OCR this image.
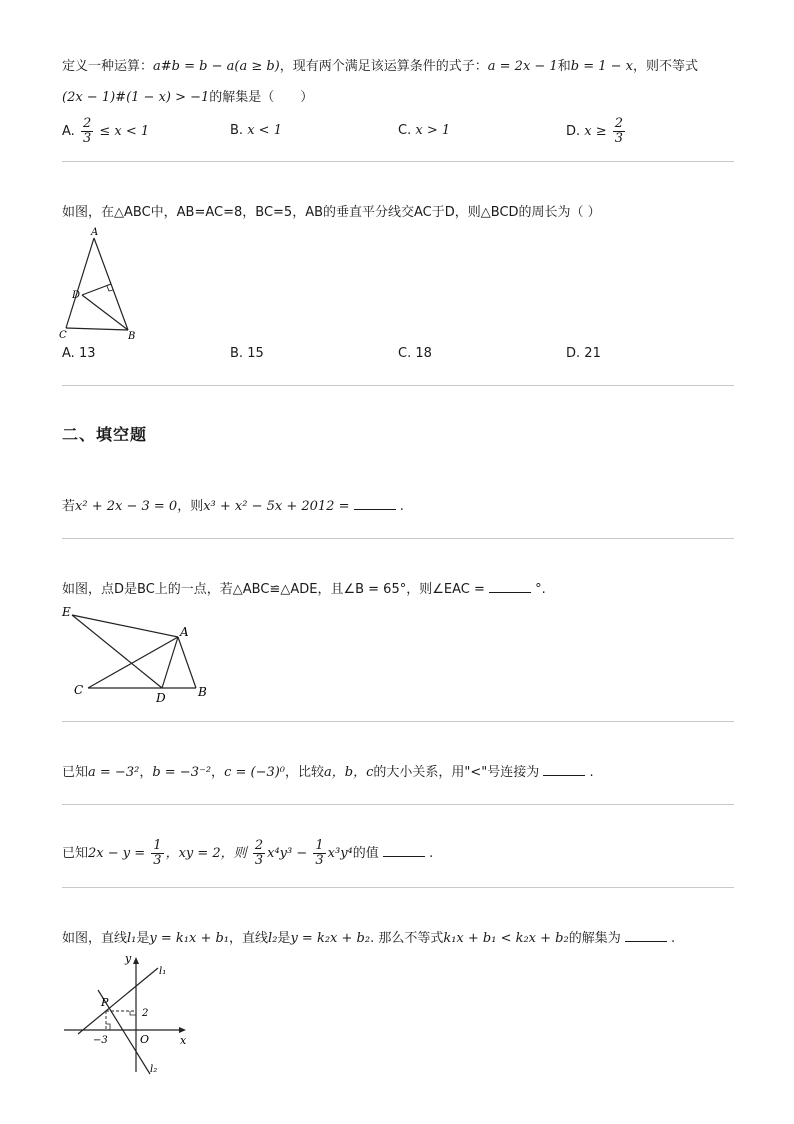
定义一种运算：a#b = b − a(a ≥ b)，现有两个满足该运算条件的式子：a = 2x − 1和b = 1 − x，则不等式
(2x − 1)#(1 − x) > −1的解集是（　　）
A. $\frac{2}{3} \le x < 1$	B. x < 1	C. x > 1	D. $x \ge \frac{2}{3}$
如图，在△ABC中，AB=AC=8，BC=5，AB的垂直平分线交AC于D，则△BCD的周长为（ ）
A
D
C	B
A. 13	B. 15	C. 18	D. 21
二、填空题
若x² + 2x − 3 = 0，则x³ + x² − 5x + 2012 =	.
如图，点D是BC上的一点，若△ABC≌△ADE，且∠B = 65°，则∠EAC =	°.
E
A
C
D	B
已知a = −3²，b = −3⁻²，c = (−3)⁰，比较a，b，c的大小关系，用"<"号连接为	.
已知$2x - y = \frac{1}{3}$ ，xy = 2，则 $\frac{2}{3} x^4y^3 - \frac{1}{3} x^3y^4$的值	.
如图，直线l₁是y = k₁x + b₁，直线l₂是y = k₂x + b₂. 那么不等式k₁x + b₁ < k₂x + b₂的解集为	.
y
x
O
P
l₁
l₂
2
−3
